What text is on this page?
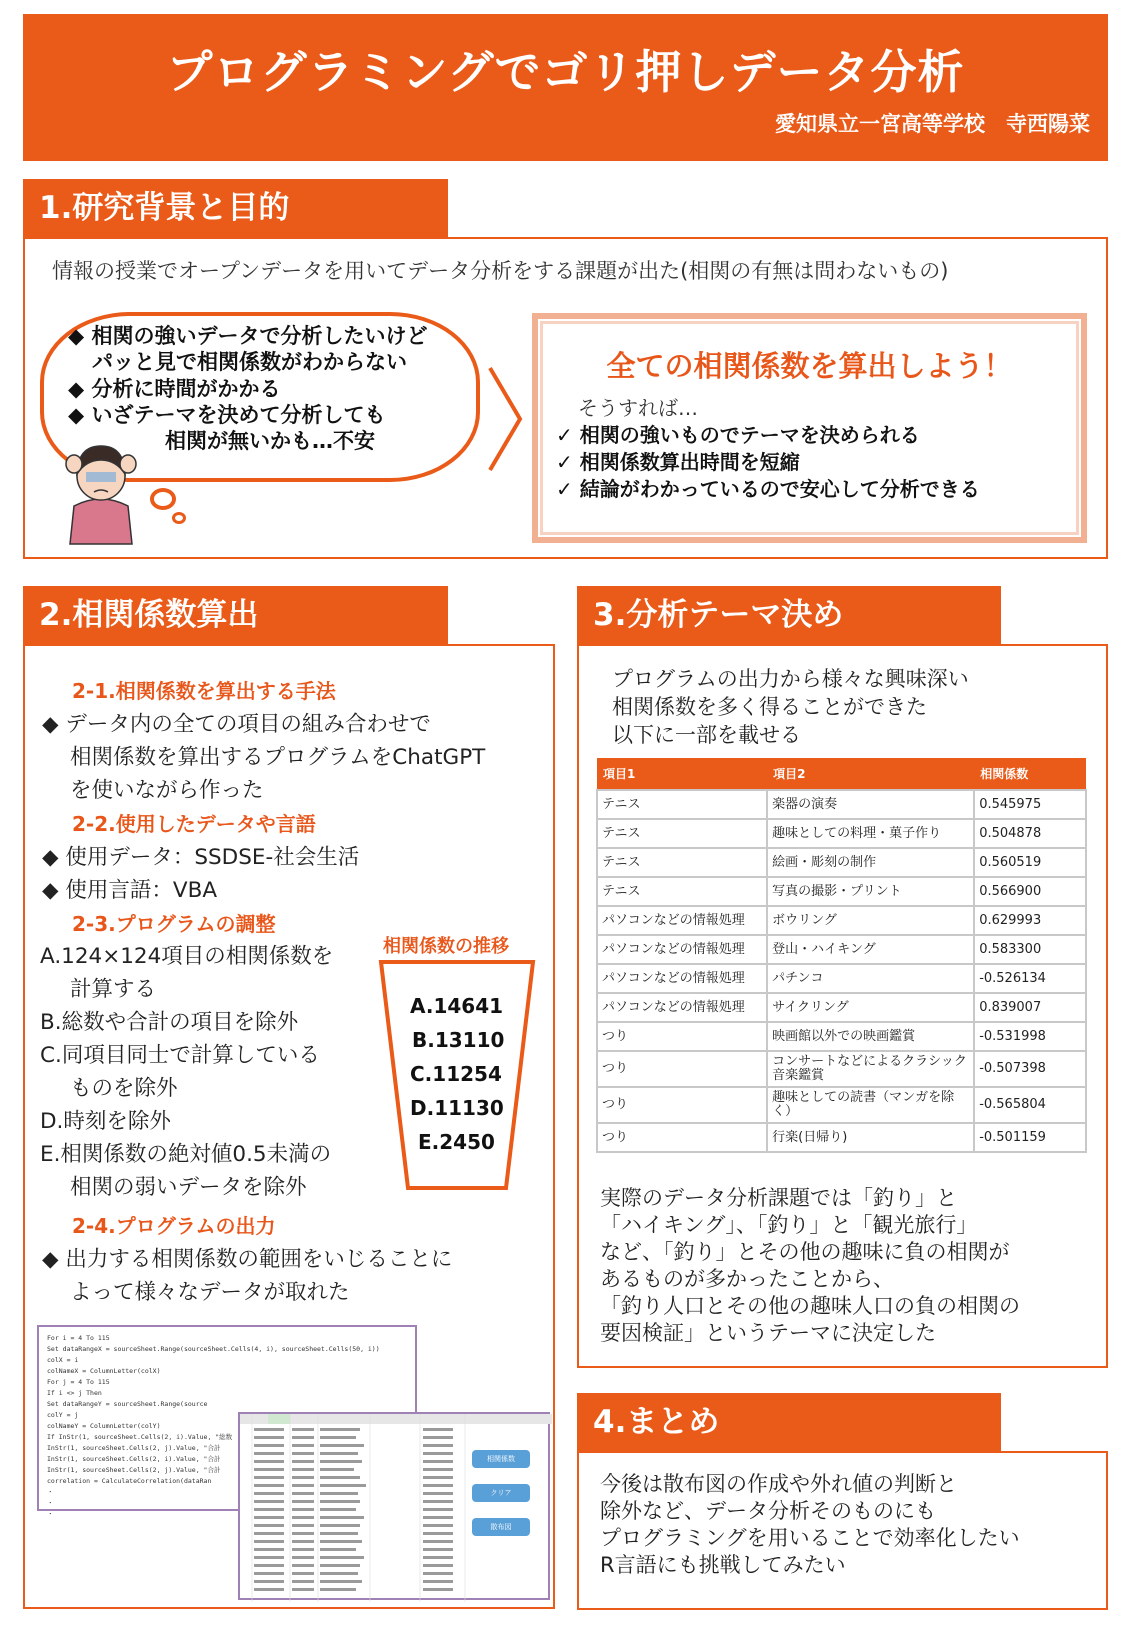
プログラミングでゴリ押しデータ分析
愛知県立一宮高等学校　寺西陽菜
1.研究背景と目的
情報の授業でオープンデータを用いてデータ分析をする課題が出た(相関の有無は問わないもの)
◆ 相関の強いデータで分析したいけど
パッと見で相関係数がわからない
◆ 分析に時間がかかる
◆ いざテーマを決めて分析しても
相関が無いかも…不安
全ての相関係数を算出しよう！
そうすれば…
✓ 相関の強いものでテーマを決められる
✓ 相関係数算出時間を短縮
✓ 結論がわかっているので安心して分析できる
2.相関係数算出
2-1.相関係数を算出する手法
◆ データ内の全ての項目の組み合わせで
相関係数を算出するプログラムをChatGPT
を使いながら作った
2-2.使用したデータや言語
◆ 使用データ：SSDSE-社会生活
◆ 使用言語：VBA
2-3.プログラムの調整
A.124×124項目の相関係数を
計算する
B.総数や合計の項目を除外
C.同項目同士で計算している
ものを除外
D.時刻を除外
E.相関係数の絶対値0.5未満の
相関の弱いデータを除外
相関係数の推移
A.14641
B.13110
C.11254
D.11130
E.2450
2-4.プログラムの出力
◆ 出力する相関係数の範囲をいじることに
よって様々なデータが取れた
For i = 4 To 115
Set dataRangeX = sourceSheet.Range(sourceSheet.Cells(4, i), sourceSheet.Cells(50, i))
colX = i
colNameX = ColumnLetter(colX)
For j = 4 To 115
If i <> j Then
Set dataRangeY = sourceSheet.Range(source
colY = j
colNameY = ColumnLetter(colY)
If InStr(1, sourceSheet.Cells(2, i).Value, "総数
InStr(1, sourceSheet.Cells(2, j).Value, "合計
InStr(1, sourceSheet.Cells(2, i).Value, "合計
InStr(1, sourceSheet.Cells(2, j).Value, "合計
correlation = CalculateCorrelation(dataRan
・
・
・
相関係数
クリア
散布図
3.分析テーマ決め
プログラムの出力から様々な興味深い
相関係数を多く得ることができた
以下に一部を載せる
項目1	項目2	相関係数
テニス	楽器の演奏	0.545975
テニス	趣味としての料理・菓子作り	0.504878
テニス	絵画・彫刻の制作	0.560519
テニス	写真の撮影・プリント	0.566900
パソコンなどの情報処理	ボウリング	0.629993
パソコンなどの情報処理	登山・ハイキング	0.583300
パソコンなどの情報処理	パチンコ	-0.526134
パソコンなどの情報処理	サイクリング	0.839007
つり	映画館以外での映画鑑賞	-0.531998
つり	コンサートなどによるクラシック音楽鑑賞	-0.507398
つり	趣味としての読書（マンガを除く）	-0.565804
つり	行楽(日帰り)	-0.501159
実際のデータ分析課題では「釣り」と
「ハイキング」、「釣り」と「観光旅行」
など、「釣り」とその他の趣味に負の相関が
あるものが多かったことから、
「釣り人口とその他の趣味人口の負の相関の
要因検証」というテーマに決定した
4.まとめ
今後は散布図の作成や外れ値の判断と
除外など、データ分析そのものにも
プログラミングを用いることで効率化したい
R言語にも挑戦してみたい
